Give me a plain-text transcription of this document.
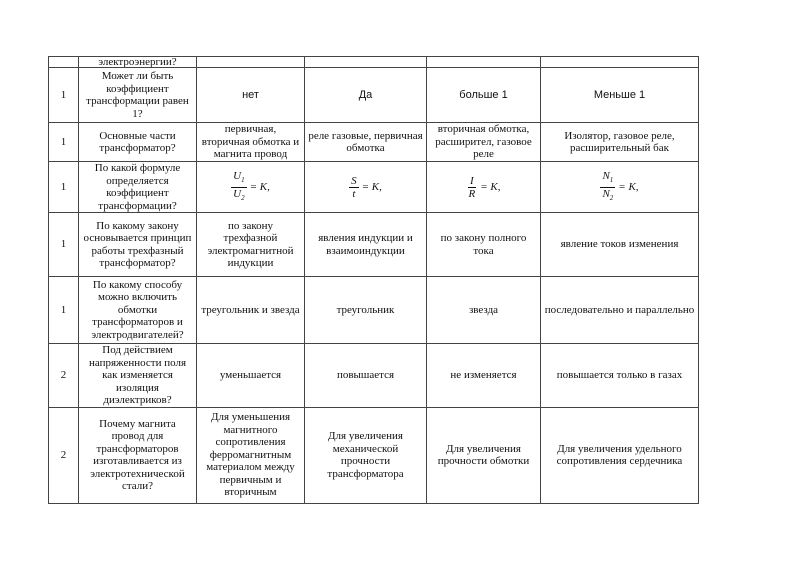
	электроэнергии?				
1	Может ли быть коэффициент трансформации равен 1?	нет	Да	больше 1	Меньше 1
1	Основные части трансформатор?	первичная, вторичная обмотка и магнита провод	реле газовые, первичная обмотка	вторичная обмотка, расширител, газовое реле	Изолятор, газовое реле, расширительный бак
1	По какой формуле определяется коэффициент трансформации?	$\frac{U_1}{U_2} = K$,	$\frac{S}{t} = K$,	$\frac{I}{R} = K$,	$\frac{N_1}{N_2} = K$,

1	По какому закону основывается принцип работы трехфазный трансформатор?	по закону трехфазной электромагнитной индукции	явления индукции и взаимоиндукции	по закону полного тока	явление токов изменения
1	По какому способу можно включить обмотки трансформаторов и электродвигателей?	треугольник и звезда	треугольник	звезда	последовательно и параллельно
2	Под действием напряженности поля как изменяется изоляция диэлектриков?	уменьшается	повышается	не изменяется	повышается только в газах
2	Почему магнита провод для трансформаторов изготавливается из электротехнической стали?	Для уменьшения магнитного сопротивления ферромагнитным материалом между первичным и вторичным	Для увеличения механической прочности трансформатора	Для увеличения прочности обмотки	Для увеличения удельного сопротивления сердечника
